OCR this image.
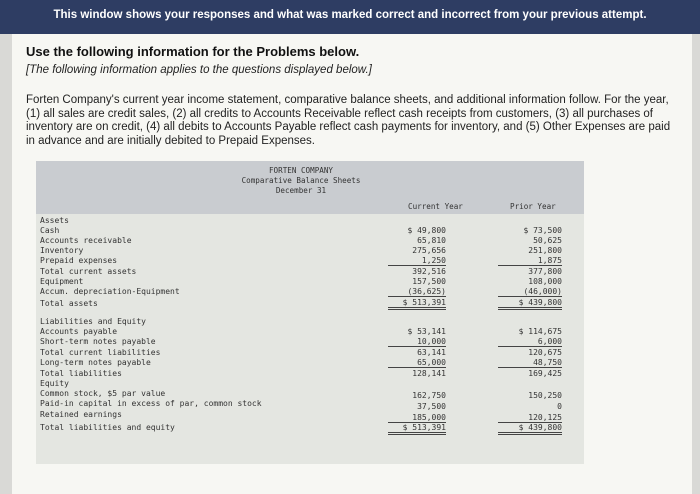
This window shows your responses and what was marked correct and incorrect from your previous attempt.
Use the following information for the Problems below.
[The following information applies to the questions displayed below.]
Forten Company's current year income statement, comparative balance sheets, and additional information follow. For the year, (1) all sales are credit sales, (2) all credits to Accounts Receivable reflect cash receipts from customers, (3) all purchases of inventory are on credit, (4) all debits to Accounts Payable reflect cash payments for inventory, and (5) Other Expenses are paid in advance and are initially debited to Prepaid Expenses.
FORTEN COMPANY
Comparative Balance Sheets
December 31
Current Year	Prior Year
Assets
Cash	$ 49,800	$ 73,500
Accounts receivable	65,810	50,625
Inventory	275,656	251,800
Prepaid expenses	1,250	1,875
Total current assets	392,516	377,800
Equipment	157,500	108,000
Accum. depreciation-Equipment	(36,625)	(46,000)
Total assets	$ 513,391	$ 439,800
Liabilities and Equity
Accounts payable	$ 53,141	$ 114,675
Short-term notes payable	10,000	6,000
Total current liabilities	63,141	120,675
Long-term notes payable	65,000	48,750
Total liabilities	128,141	169,425
Equity
Common stock, $5 par value	162,750	150,250
Paid-in capital in excess of par, common stock	37,500	0
Retained earnings	185,000	120,125
Total liabilities and equity	$ 513,391	$ 439,800
